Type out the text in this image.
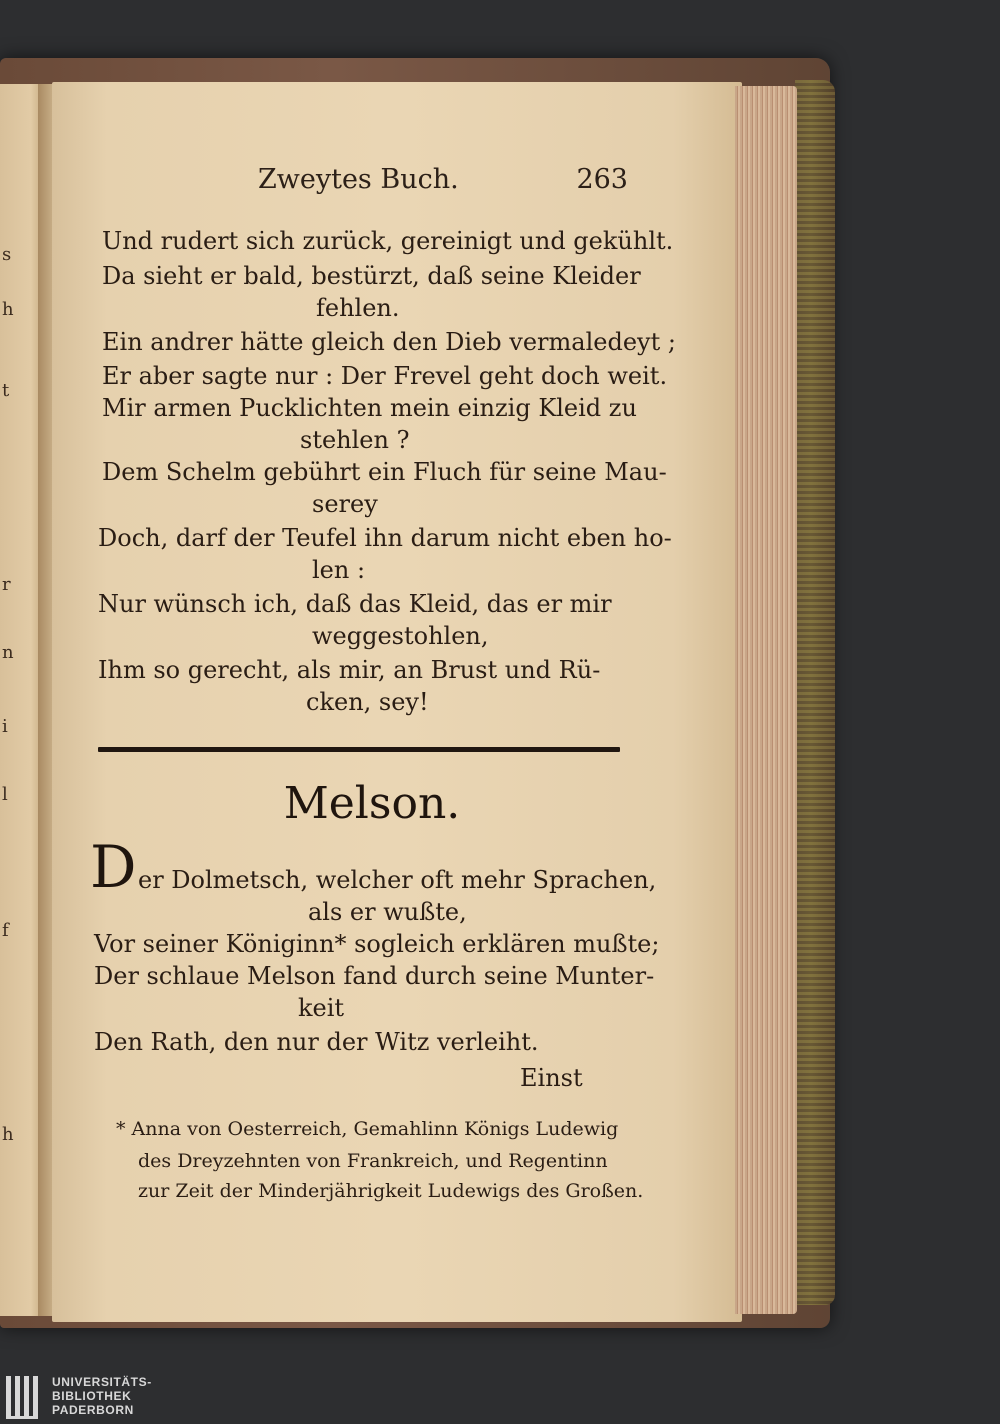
s
h
t
r
n
i
l
f
h
Zweytes Buch.	263
Und rudert sich zurück, gereinigt und gekühlt.
Da sieht er bald, bestürzt, daß seine Kleider
fehlen.
Ein andrer hätte gleich den Dieb vermaledeyt ;
Er aber sagte nur : Der Frevel geht doch weit.
Mir armen Pucklichten mein einzig Kleid zu
stehlen ?
Dem Schelm gebührt ein Fluch für seine Mau-
serey
Doch, darf der Teufel ihn darum nicht eben ho-
len :
Nur wünsch ich, daß das Kleid, das er mir
weggestohlen,
Ihm so gerecht, als mir, an Brust und Rü-
cken, sey!
Melson.
D er Dolmetsch, welcher oft mehr Sprachen,
als er wußte,
Vor seiner Königinn* sogleich erklären mußte;
Der schlaue Melson fand durch seine Munter-
keit
Den Rath, den nur der Witz verleiht.
Einst
* Anna von Oesterreich, Gemahlinn Königs Ludewig
des Dreyzehnten von Frankreich, und Regentinn
zur Zeit der Minderjährigkeit Ludewigs des Großen.
UNIVERSITÄTS-
BIBLIOTHEK
PADERBORN
